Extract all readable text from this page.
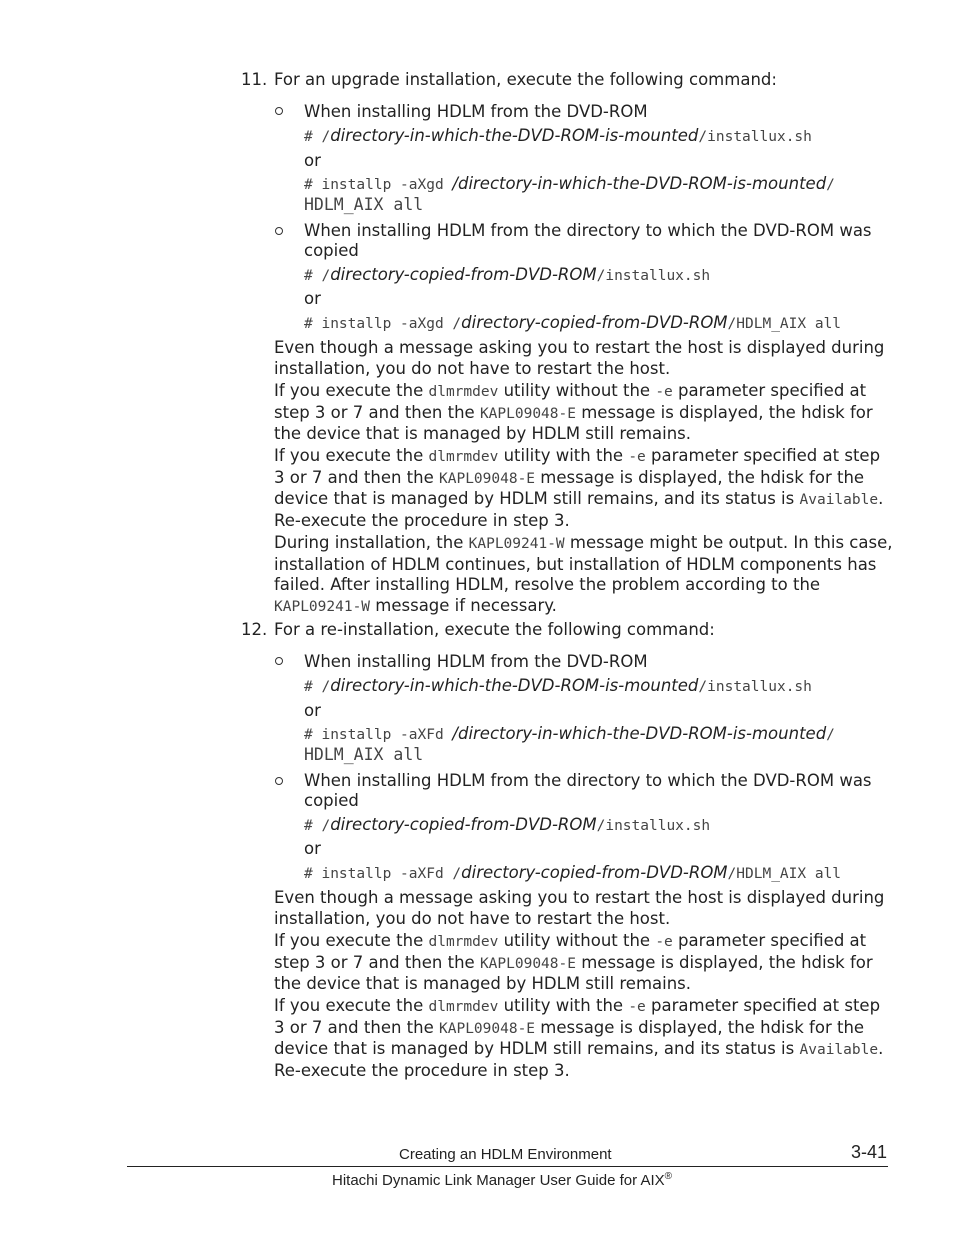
11. For an upgrade installation, execute the following command:
When installing HDLM from the DVD-ROM
# /directory-in-which-the-DVD-ROM-is-mounted/installux.sh
or
# installp -aXgd /directory-in-which-the-DVD-ROM-is-mounted/
HDLM_AIX all
When installing HDLM from the directory to which the DVD-ROM was
copied
# /directory-copied-from-DVD-ROM/installux.sh
or
# installp -aXgd /directory-copied-from-DVD-ROM/HDLM_AIX all
Even though a message asking you to restart the host is displayed during installation, you do not have to restart the host.
If you execute the dlmrmdev utility without the -e parameter specified at step 3 or 7 and then the KAPL09048-E message is displayed, the hdisk for the device that is managed by HDLM still remains.
If you execute the dlmrmdev utility with the -e parameter specified at step 3 or 7 and then the KAPL09048-E message is displayed, the hdisk for the device that is managed by HDLM still remains, and its status is Available. Re-execute the procedure in step 3.
During installation, the KAPL09241-W message might be output. In this case, installation of HDLM continues, but installation of HDLM components has failed. After installing HDLM, resolve the problem according to the KAPL09241-W message if necessary.
12. For a re-installation, execute the following command:
When installing HDLM from the DVD-ROM
# /directory-in-which-the-DVD-ROM-is-mounted/installux.sh
or
# installp -aXFd /directory-in-which-the-DVD-ROM-is-mounted/
HDLM_AIX all
When installing HDLM from the directory to which the DVD-ROM was
copied
# /directory-copied-from-DVD-ROM/installux.sh
or
# installp -aXFd /directory-copied-from-DVD-ROM/HDLM_AIX all
Even though a message asking you to restart the host is displayed during installation, you do not have to restart the host.
If you execute the dlmrmdev utility without the -e parameter specified at step 3 or 7 and then the KAPL09048-E message is displayed, the hdisk for the device that is managed by HDLM still remains.
If you execute the dlmrmdev utility with the -e parameter specified at step 3 or 7 and then the KAPL09048-E message is displayed, the hdisk for the device that is managed by HDLM still remains, and its status is Available. Re-execute the procedure in step 3.
Creating an HDLM Environment	3-41
Hitachi Dynamic Link Manager User Guide for AIX®
